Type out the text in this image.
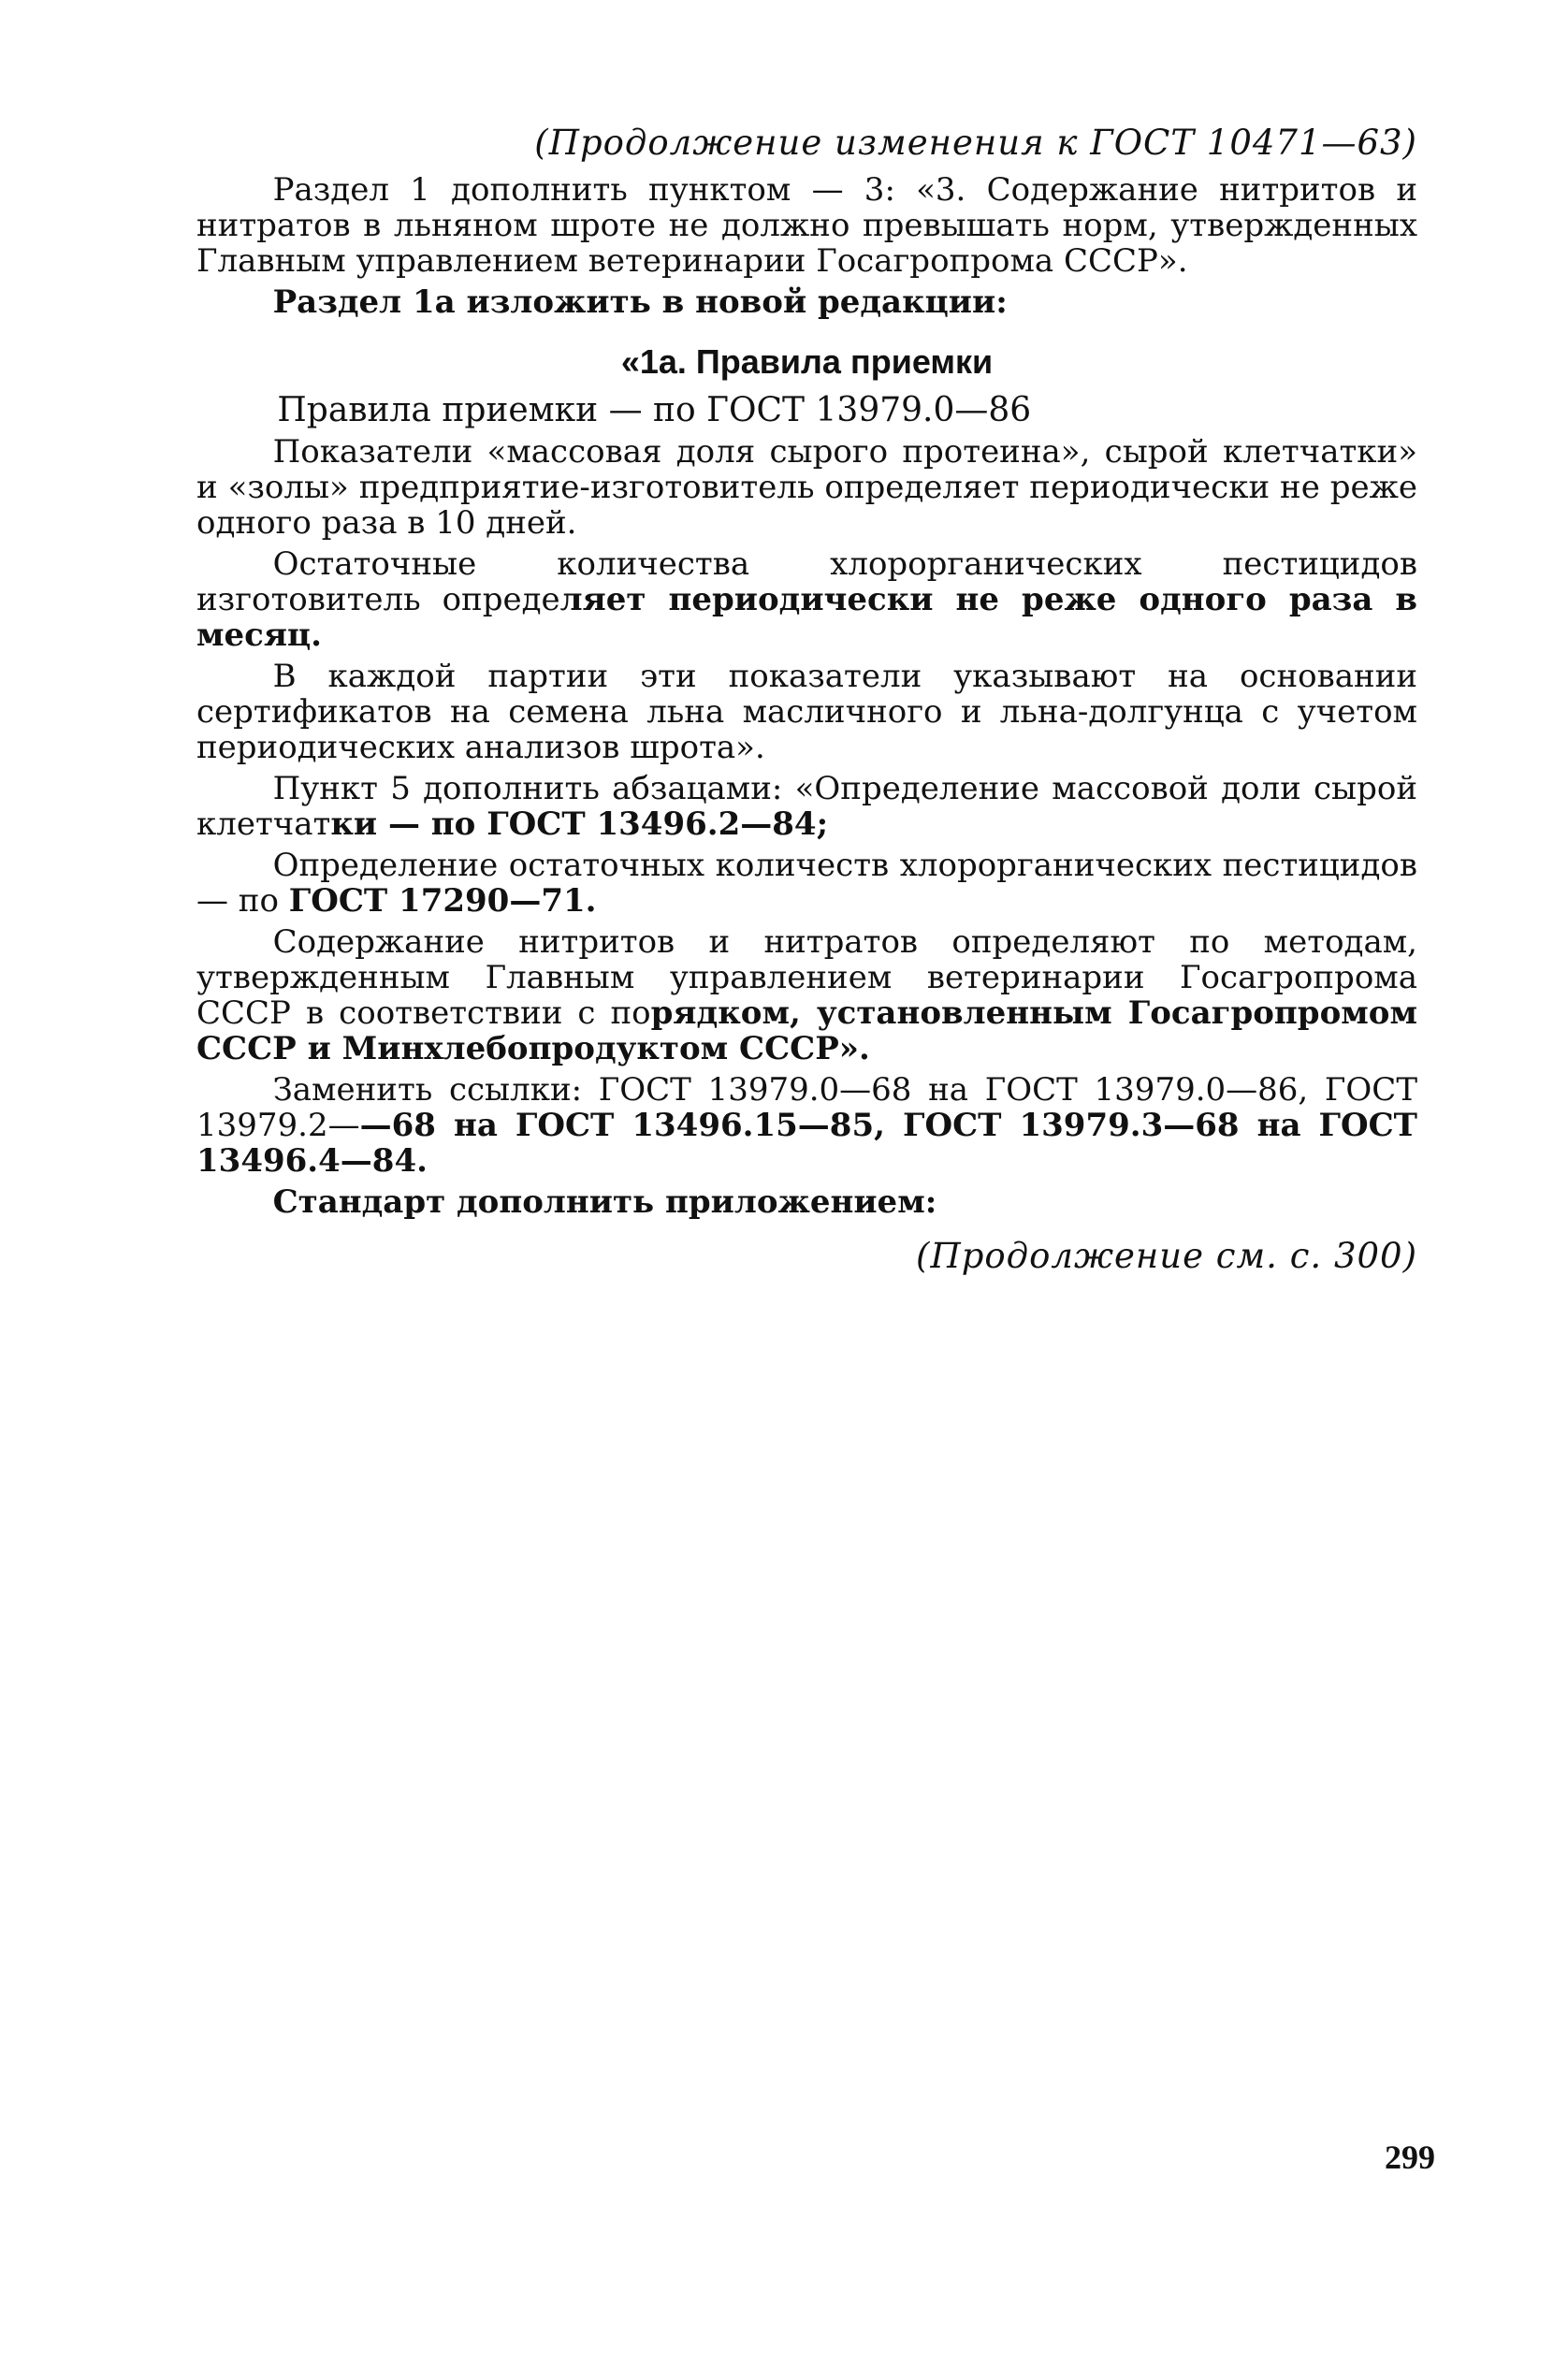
(Продолжение изменения к ГОСТ 10471—63)

Раздел 1 дополнить пунктом — 3: «3. Содержание нитритов и нитратов в льняном шроте не должно превышать норм, утвержденных Главным управлением ветеринарии Госагропрома СССР».

Раздел 1а изложить в новой редакции:

«1а. Правила приемки

Правила приемки — по ГОСТ 13979.0—86

Показатели «массовая доля сырого протеина», сырой клетчатки» и «золы» предприятие-изготовитель определяет периодически не реже одного раза в 10 дней.

Остаточные количества хлорорганических пестицидов изготовитель определяет периодически не реже одного раза в месяц.

В каждой партии эти показатели указывают на основании сертификатов на семена льна масличного и льна-долгунца с учетом периодических анализов шрота».

Пункт 5 дополнить абзацами: «Определение массовой доли сырой клетчатки — по ГОСТ 13496.2—84;

Определение остаточных количеств хлорорганических пестицидов — по ГОСТ 17290—71.

Содержание нитритов и нитратов определяют по методам, утвержденным Главным управлением ветеринарии Госагропрома СССР в соответствии с порядком, установленным Госагропромом СССР и Минхлебопродуктом СССР».

Заменить ссылки: ГОСТ 13979.0—68 на ГОСТ 13979.0—86, ГОСТ 13979.2——68 на ГОСТ 13496.15—85, ГОСТ 13979.3—68 на ГОСТ 13496.4—84.

Стандарт дополнить приложением:

(Продолжение см. с. 300)
299
